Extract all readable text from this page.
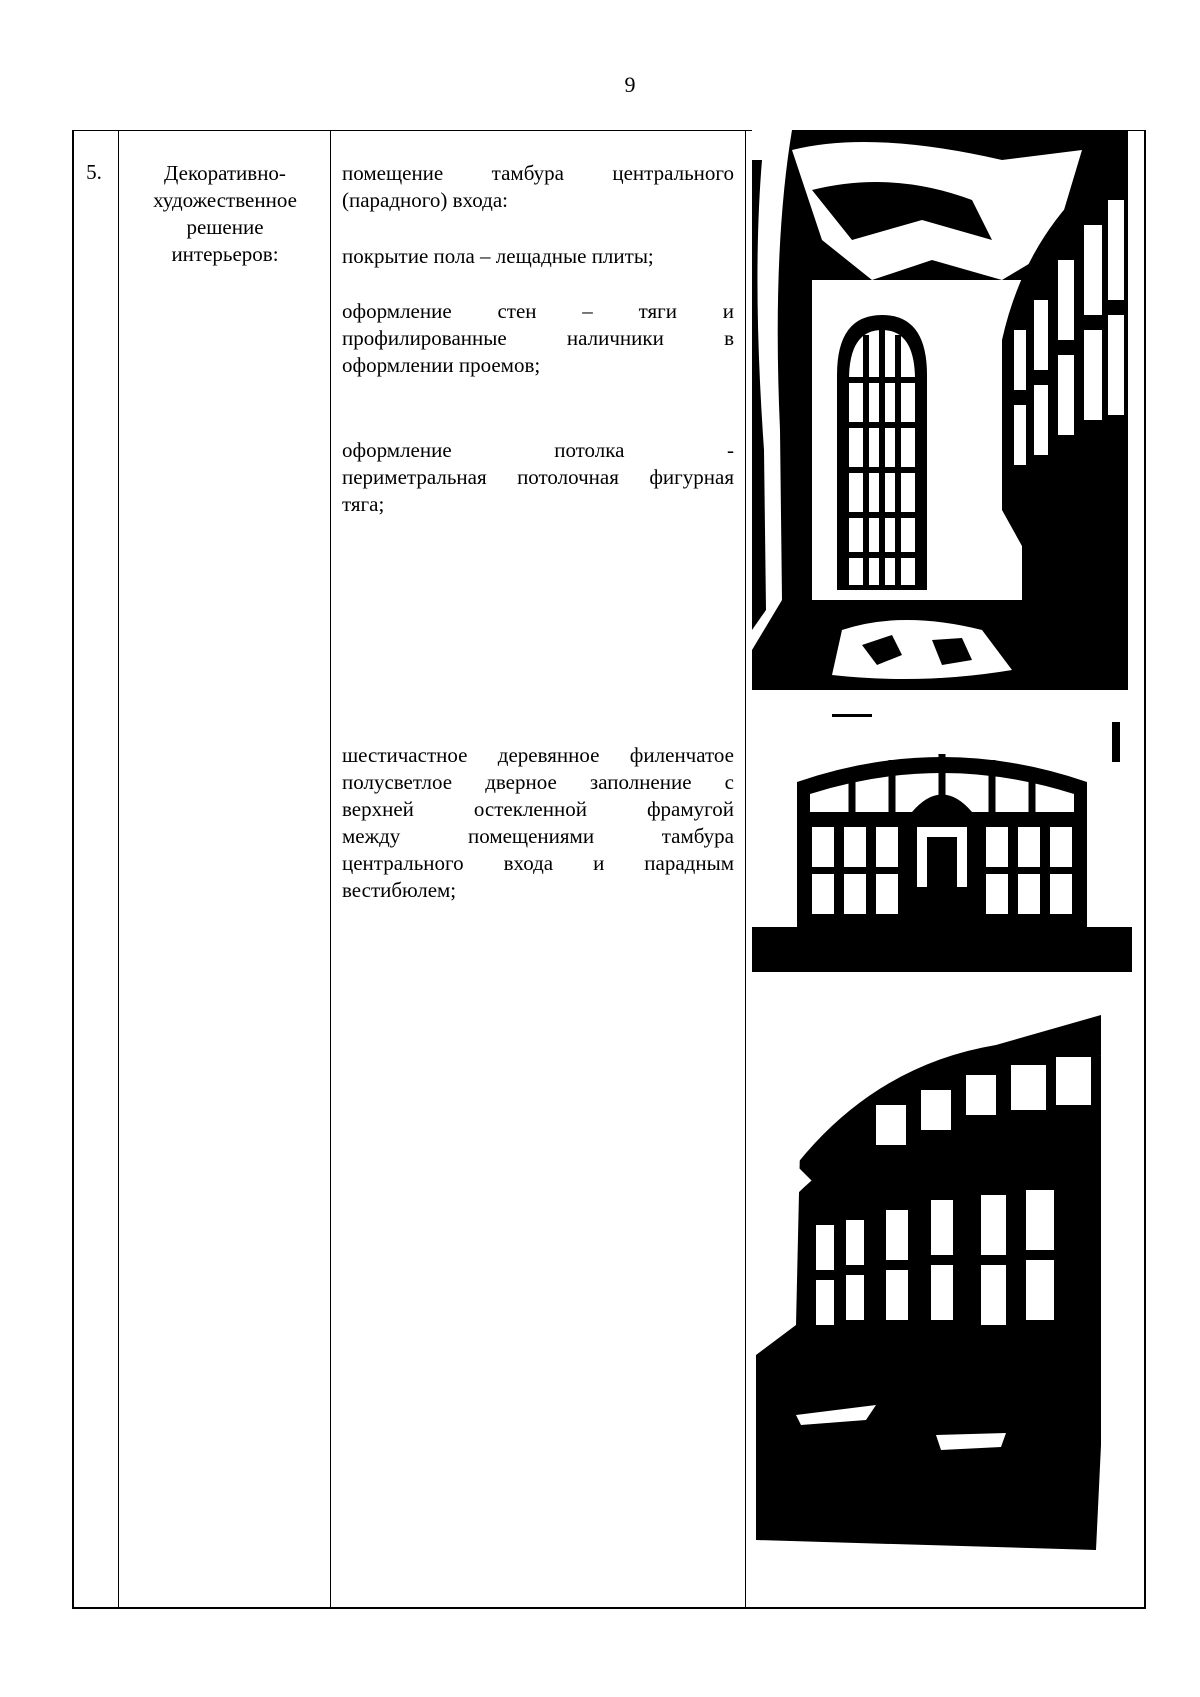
9
5.	Декоративно-
художественное
решение
интерьеров:
помещение тамбура центрального
(парадного) входа:
покрытие пола – лещадные плиты;
оформление стен – тяги и
профилированные наличники в
оформлении проемов;
оформление потолка -
периметральная потолочная фигурная
тяга;
шестичастное деревянное филенчатое
полусветлое дверное заполнение с
верхней остекленной фрамугой
между помещениями тамбура
центрального входа и парадным
вестибюлем;
